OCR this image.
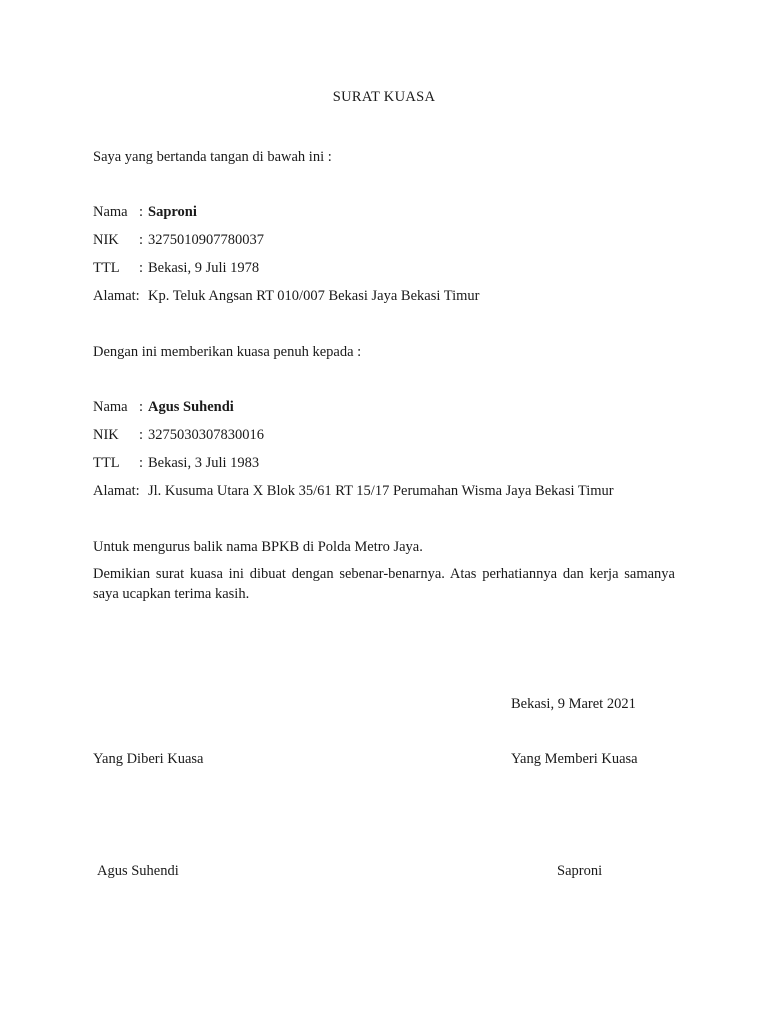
SURAT KUASA
Saya yang bertanda tangan di bawah ini :
Nama : Saproni
NIK : 3275010907780037
TTL : Bekasi, 9 Juli 1978
Alamat: Kp. Teluk Angsan RT 010/007 Bekasi Jaya Bekasi Timur
Dengan ini memberikan kuasa penuh kepada :
Nama : Agus Suhendi
NIK : 3275030307830016
TTL : Bekasi, 3 Juli 1983
Alamat: Jl. Kusuma Utara X Blok 35/61 RT 15/17 Perumahan Wisma Jaya Bekasi Timur
Untuk mengurus balik nama BPKB di Polda Metro Jaya.
Demikian surat kuasa ini dibuat dengan sebenar-benarnya. Atas perhatiannya dan kerja samanya saya ucapkan terima kasih.
Bekasi, 9 Maret 2021
Yang Diberi Kuasa	Yang Memberi Kuasa
Agus Suhendi	Saproni
